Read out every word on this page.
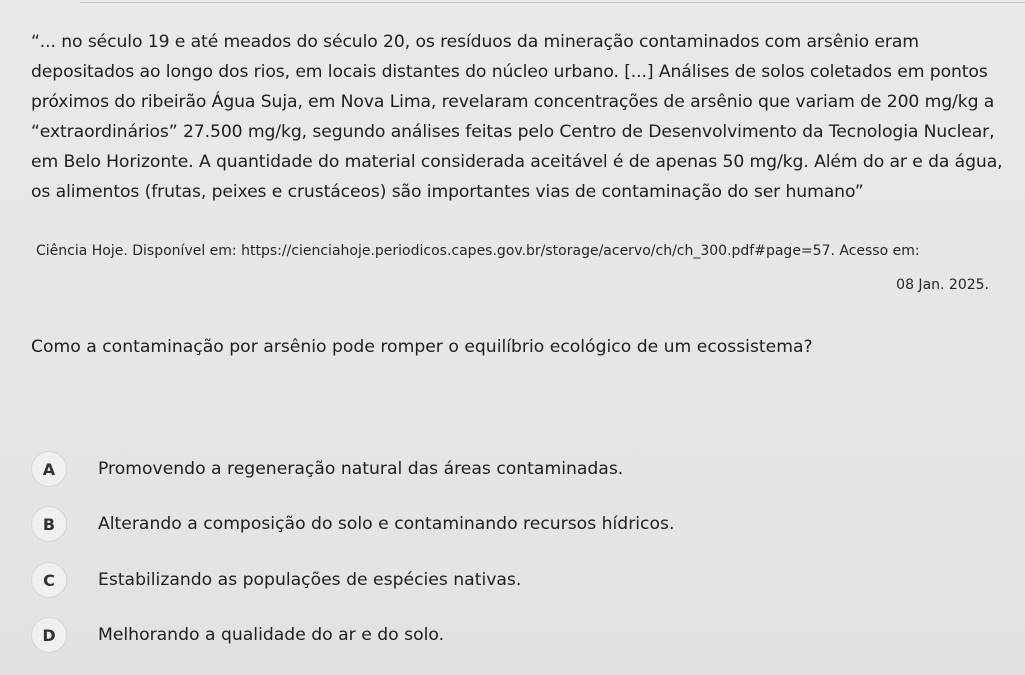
“... no século 19 e até meados do século 20, os resíduos da mineração contaminados com arsênio eram depositados ao longo dos rios, em locais distantes do núcleo urbano. [...] Análises de solos coletados em pontos próximos do ribeirão Água Suja, em Nova Lima, revelaram concentrações de arsênio que variam de 200 mg/kg a “extraordinários” 27.500 mg/kg, segundo análises feitas pelo Centro de Desenvolvimento da Tecnologia Nuclear, em Belo Horizonte. A quantidade do material considerada aceitável é de apenas 50 mg/kg. Além do ar e da água, os alimentos (frutas, peixes e crustáceos) são importantes vias de contaminação do ser humano”

Ciência Hoje. Disponível em: https://cienciahoje.periodicos.capes.gov.br/storage/acervo/ch/ch_300.pdf#page=57. Acesso em:

08 Jan. 2025.

Como a contaminação por arsênio pode romper o equilíbrio ecológico de um ecossistema?

A	Promovendo a regeneração natural das áreas contaminadas.
B	Alterando a composição do solo e contaminando recursos hídricos.
C	Estabilizando as populações de espécies nativas.
D	Melhorando a qualidade do ar e do solo.
